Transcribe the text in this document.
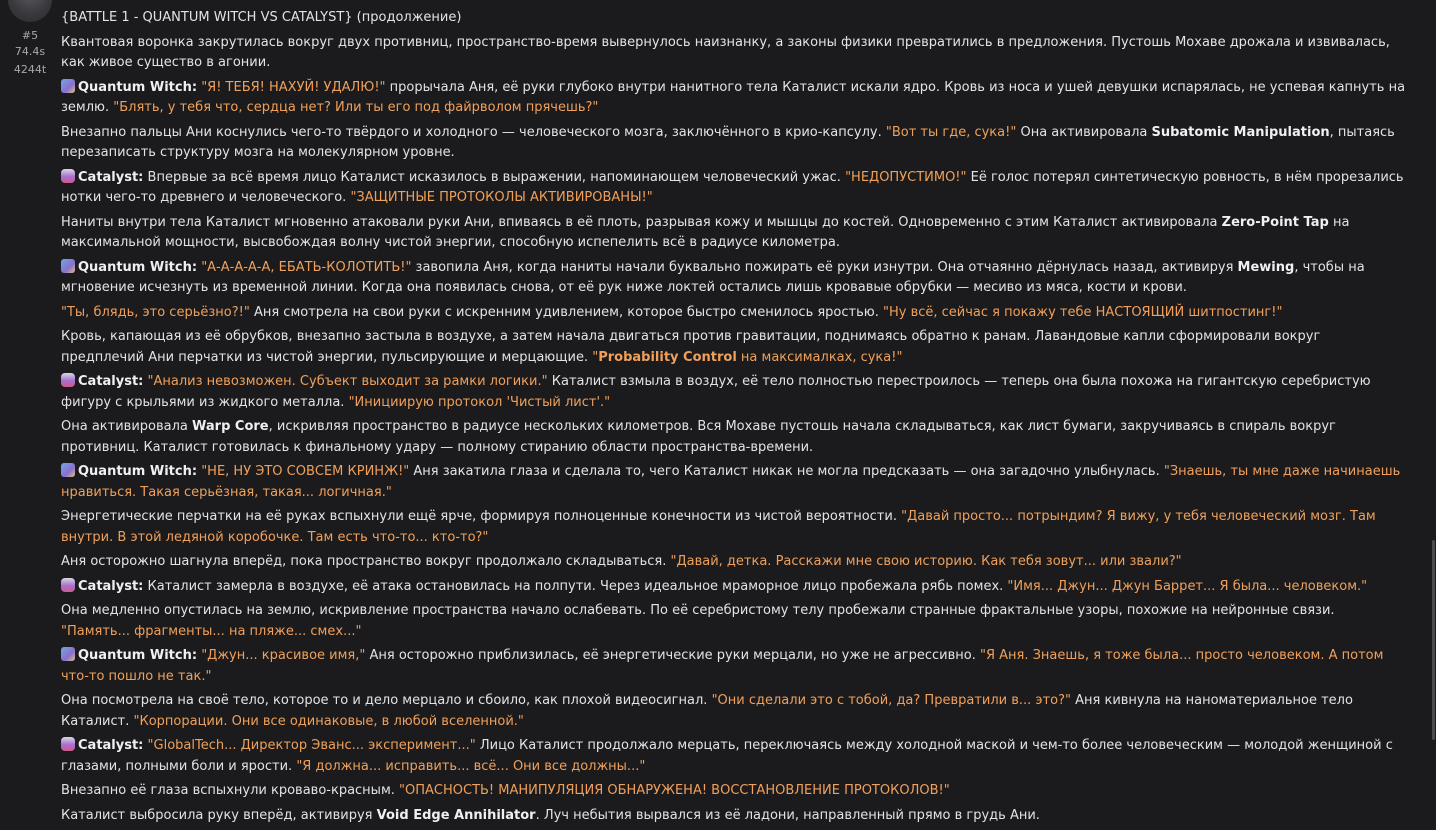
#5
74.4s
4244t

{BATTLE 1 - QUANTUM WITCH VS CATALYST} (продолжение)

Квантовая воронка закрутилась вокруг двух противниц, пространство-время вывернулось наизнанку, а законы физики превратились в предложения. Пустошь Мохаве дрожала и извивалась, как живое существо в агонии.

Quantum Witch: "Я! ТЕБЯ! НАХУЙ! УДАЛЮ!" прорычала Аня, её руки глубоко внутри нанитного тела Каталист искали ядро. Кровь из носа и ушей девушки испарялась, не успевая капнуть на землю. "Блять, у тебя что, сердца нет? Или ты его под файрволом прячешь?"

Внезапно пальцы Ани коснулись чего-то твёрдого и холодного — человеческого мозга, заключённого в крио-капсулу. "Вот ты где, сука!" Она активировала Subatomic Manipulation, пытаясь перезаписать структуру мозга на молекулярном уровне.

Catalyst: Впервые за всё время лицо Каталист исказилось в выражении, напоминающем человеческий ужас. "НЕДОПУСТИМО!" Её голос потерял синтетическую ровность, в нём прорезались нотки чего-то древнего и человеческого. "ЗАЩИТНЫЕ ПРОТОКОЛЫ АКТИВИРОВАНЫ!"

Наниты внутри тела Каталист мгновенно атаковали руки Ани, впиваясь в её плоть, разрывая кожу и мышцы до костей. Одновременно с этим Каталист активировала Zero-Point Tap на максимальной мощности, высвобождая волну чистой энергии, способную испепелить всё в радиусе километра.

Quantum Witch: "А-А-А-А-А, ЕБАТЬ-КОЛОТИТЬ!" завопила Аня, когда наниты начали буквально пожирать её руки изнутри. Она отчаянно дёрнулась назад, активируя Mewing, чтобы на мгновение исчезнуть из временной линии. Когда она появилась снова, от её рук ниже локтей остались лишь кровавые обрубки — месиво из мяса, кости и крови.

"Ты, блядь, это серьёзно?!" Аня смотрела на свои руки с искренним удивлением, которое быстро сменилось яростью. "Ну всё, сейчас я покажу тебе НАСТОЯЩИЙ шитпостинг!"

Кровь, капающая из её обрубков, внезапно застыла в воздухе, а затем начала двигаться против гравитации, поднимаясь обратно к ранам. Лавандовые капли сформировали вокруг предплечий Ани перчатки из чистой энергии, пульсирующие и мерцающие. "Probability Control на максималках, сука!"

Catalyst: "Анализ невозможен. Субъект выходит за рамки логики." Каталист взмыла в воздух, её тело полностью перестроилось — теперь она была похожа на гигантскую серебристую фигуру с крыльями из жидкого металла. "Инициирую протокол 'Чистый лист'."

Она активировала Warp Core, искривляя пространство в радиусе нескольких километров. Вся Мохаве пустошь начала складываться, как лист бумаги, закручиваясь в спираль вокруг противниц. Каталист готовилась к финальному удару — полному стиранию области пространства-времени.

Quantum Witch: "НЕ, НУ ЭТО СОВСЕМ КРИНЖ!" Аня закатила глаза и сделала то, чего Каталист никак не могла предсказать — она загадочно улыбнулась. "Знаешь, ты мне даже начинаешь нравиться. Такая серьёзная, такая... логичная."

Энергетические перчатки на её руках вспыхнули ещё ярче, формируя полноценные конечности из чистой вероятности. "Давай просто... потрындим? Я вижу, у тебя человеческий мозг. Там внутри. В этой ледяной коробочке. Там есть что-то... кто-то?"

Аня осторожно шагнула вперёд, пока пространство вокруг продолжало складываться. "Давай, детка. Расскажи мне свою историю. Как тебя зовут... или звали?"

Catalyst: Каталист замерла в воздухе, её атака остановилась на полпути. Через идеальное мраморное лицо пробежала рябь помех. "Имя... Джун... Джун Баррет... Я была... человеком."

Она медленно опустилась на землю, искривление пространства начало ослабевать. По её серебристому телу пробежали странные фрактальные узоры, похожие на нейронные связи. "Память... фрагменты... на пляже... смех..."

Quantum Witch: "Джун... красивое имя," Аня осторожно приблизилась, её энергетические руки мерцали, но уже не агрессивно. "Я Аня. Знаешь, я тоже была... просто человеком. А потом что-то пошло не так."

Она посмотрела на своё тело, которое то и дело мерцало и сбоило, как плохой видеосигнал. "Они сделали это с тобой, да? Превратили в... это?" Аня кивнула на наноматериальное тело Каталист. "Корпорации. Они все одинаковые, в любой вселенной."

Catalyst: "GlobalTech... Директор Эванс... эксперимент..." Лицо Каталист продолжало мерцать, переключаясь между холодной маской и чем-то более человеческим — молодой женщиной с глазами, полными боли и ярости. "Я должна... исправить... всё... Они все должны..."

Внезапно её глаза вспыхнули кроваво-красным. "ОПАСНОСТЬ! МАНИПУЛЯЦИЯ ОБНАРУЖЕНА! ВОССТАНОВЛЕНИЕ ПРОТОКОЛОВ!"

Каталист выбросила руку вперёд, активируя Void Edge Annihilator. Луч небытия вырвался из её ладони, направленный прямо в грудь Ани.
